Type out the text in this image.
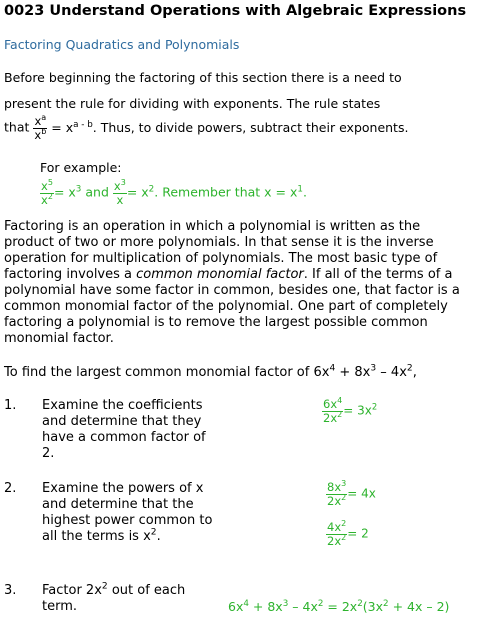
0023 Understand Operations with Algebraic Expressions
Factoring Quadratics and Polynomials
Before beginning the factoring of this section there is a need to
present the rule for dividing with exponents. The rule states
that $\frac{x^a}{x^b} = x^{a - b}$. Thus, to divide powers, subtract their exponents.
For example:
$\frac{x^5}{x^2} = x^3$ and $\frac{x^3}{x} = x^2$. Remember that $x = x^1$.
Factoring is an operation in which a polynomial is written as the product of two or more polynomials. In that sense it is the inverse operation for multiplication of polynomials. The most basic type of factoring involves a common monomial factor. If all of the terms of a polynomial have some factor in common, besides one, that factor is a common monomial factor of the polynomial. One part of completely factoring a polynomial is to remove the largest possible common monomial factor.
To find the largest common monomial factor of $6x^4 + 8x^3 - 4x^2$,
1. Examine the coefficients and determine that they have a common factor of 2.
$\frac{6x^4}{2x^2} = 3x^2$
2. Examine the powers of x and determine that the highest power common to all the terms is $x^2$.
$\frac{8x^3}{2x^2} = 4x$
$\frac{4x^2}{2x^2} = 2$
3. Factor $2x^2$ out of each term.	$6x^4 + 8x^3 - 4x^2 = 2x^2(3x^2 + 4x - 2)$
